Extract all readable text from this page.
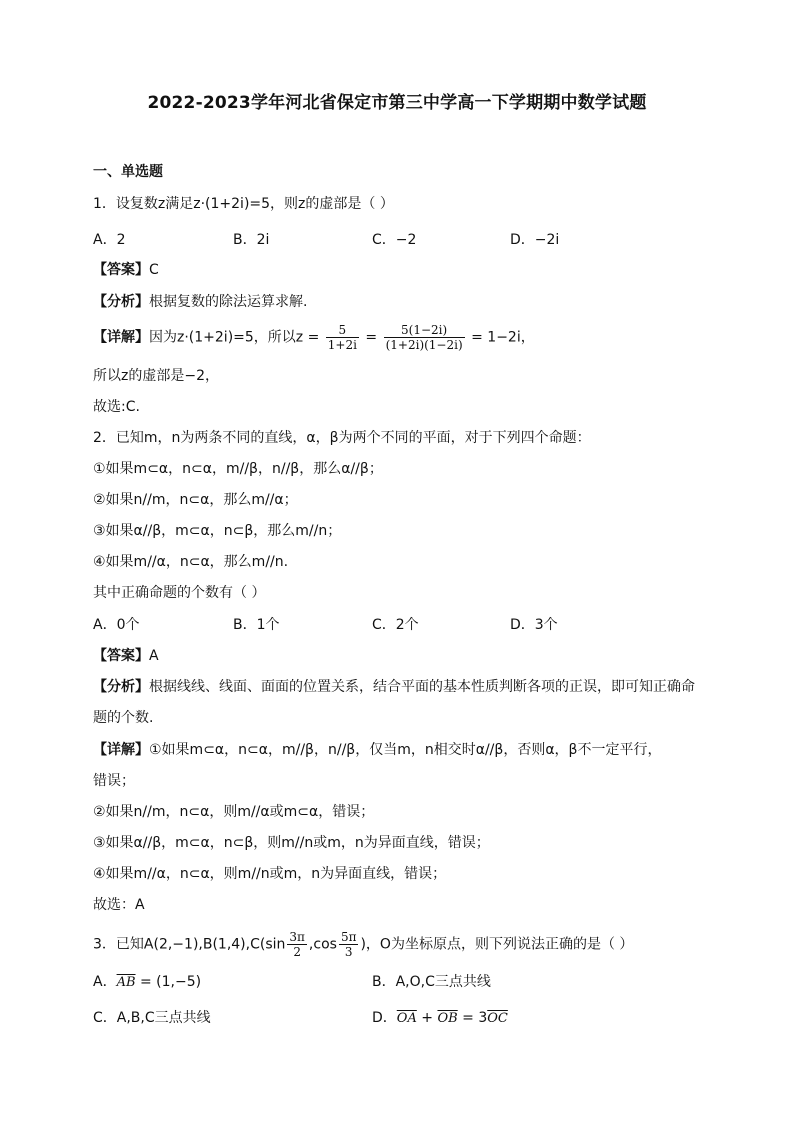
2022-2023学年河北省保定市第三中学高一下学期期中数学试题
一、单选题
1．设复数z满足z·(1+2i)=5，则z的虚部是（ ）
A．2	B．2i	C．−2	D．−2i
【答案】C
【分析】根据复数的除法运算求解.
【详解】因为z·(1+2i)=5，所以$z = \frac{5}{1+2i} = \frac{5(1-2i)}{(1+2i)(1-2i)} = 1-2i$，
所以z的虚部是−2，
故选:C.
2．已知m，n为两条不同的直线，α，β为两个不同的平面，对于下列四个命题：
①如果m⊂α，n⊂α，m//β，n//β，那么α//β；
②如果n//m，n⊂α，那么m//α；
③如果α//β，m⊂α，n⊂β，那么m//n；
④如果m//α，n⊂α，那么m//n.
其中正确命题的个数有（ ）
A．0个	B．1个	C．2个	D．3个
【答案】A
【分析】根据线线、线面、面面的位置关系，结合平面的基本性质判断各项的正误，即可知正确命
题的个数.
【详解】①如果m⊂α，n⊂α，m//β，n//β，仅当m，n相交时α//β，否则α，β不一定平行，
错误；
②如果n//m，n⊂α，则m//α或m⊂α，错误；
③如果α//β，m⊂α，n⊂β，则m//n或m，n为异面直线，错误；
④如果m//α，n⊂α，则m//n或m，n为异面直线，错误；
故选：A
3．已知$A(2,-1),B(1,4),C(\sin \frac{3\pi}{2} ,\cos \frac{5\pi}{3}$ )，O为坐标原点，则下列说法正确的是（ ）
A．$\overline{AB} = (1,-5)$	B．A,O,C三点共线
C．A,B,C三点共线	D．$\overline{OA} + \overline{OB} = 3\overline{OC}$
